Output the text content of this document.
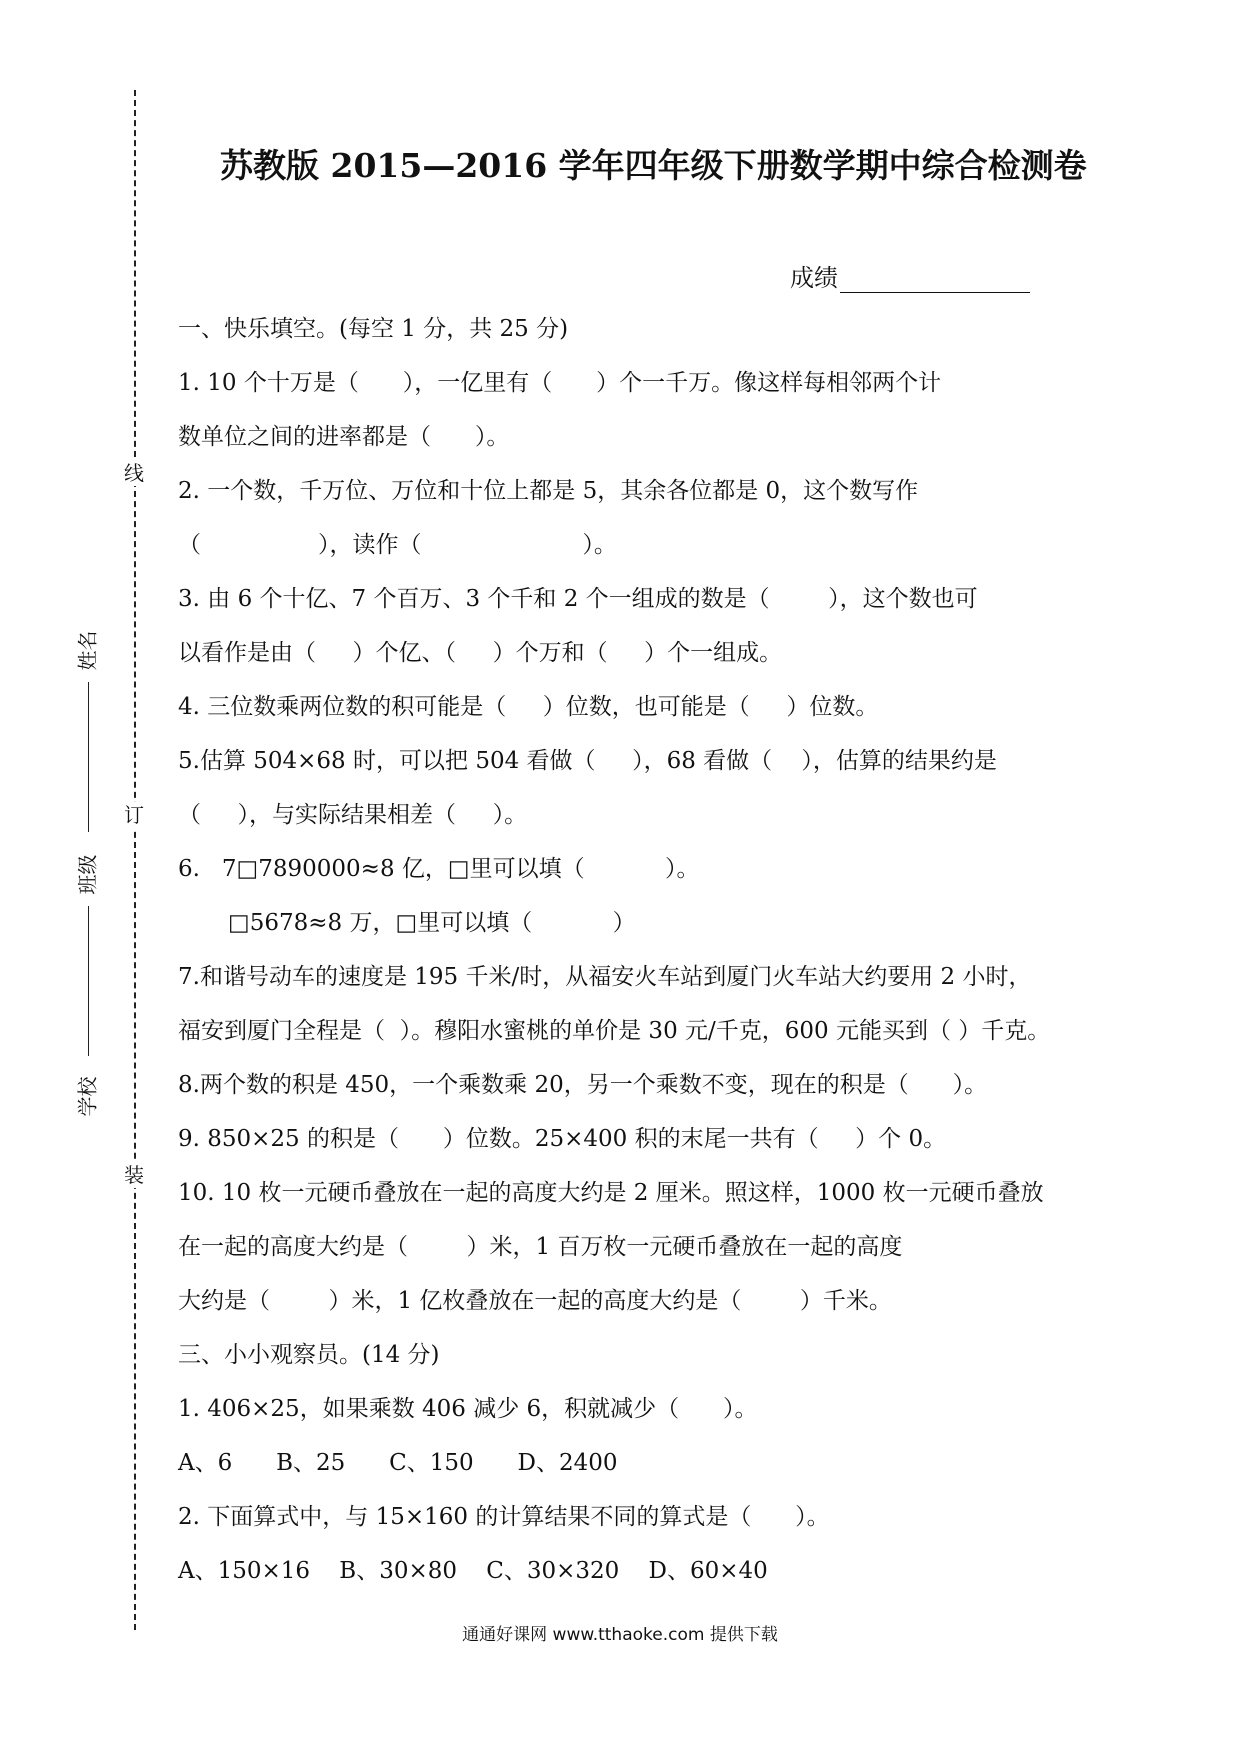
线
订
装
姓名
班级
学校
苏教版 2015—2016 学年四年级下册数学期中综合检测卷
成绩
一、快乐填空。(每空 1 分，共 25 分)
1. 10 个十万是（      ），一亿里有（      ）个一千万。像这样每相邻两个计
数单位之间的进率都是（      ）。
2. 一个数，千万位、万位和十位上都是 5，其余各位都是 0，这个数写作
（                ），读作（                      ）。
3. 由 6 个十亿、7 个百万、3 个千和 2 个一组成的数是（        ），这个数也可
以看作是由（     ）个亿、（     ）个万和（     ）个一组成。
4. 三位数乘两位数的积可能是（     ）位数，也可能是（     ）位数。
5.估算 504×68 时，可以把 504 看做（     ），68 看做（    ），估算的结果约是
（     ），与实际结果相差（     ）。
6.   7□7890000≈8 亿，□里可以填（           ）。
□5678≈8 万，□里可以填（           ）
7.和谐号动车的速度是 195 千米/时，从福安火车站到厦门火车站大约要用 2 小时，
福安到厦门全程是（  ）。穆阳水蜜桃的单价是 30 元/千克，600 元能买到（ ）千克。
8.两个数的积是 450，一个乘数乘 20，另一个乘数不变，现在的积是（      ）。
9. 850×25 的积是（      ）位数。25×400 积的末尾一共有（     ）个 0。
10. 10 枚一元硬币叠放在一起的高度大约是 2 厘米。照这样，1000 枚一元硬币叠放
在一起的高度大约是（        ）米，1 百万枚一元硬币叠放在一起的高度
大约是（        ）米，1 亿枚叠放在一起的高度大约是（        ）千米。
三、小小观察员。(14 分)
1. 406×25，如果乘数 406 减少 6，积就减少（      ）。
A、6      B、25      C、150      D、2400
2. 下面算式中，与 15×160 的计算结果不同的算式是（      ）。
A、150×16    B、30×80    C、30×320    D、60×40
通通好课网 www.tthaoke.com 提供下载
